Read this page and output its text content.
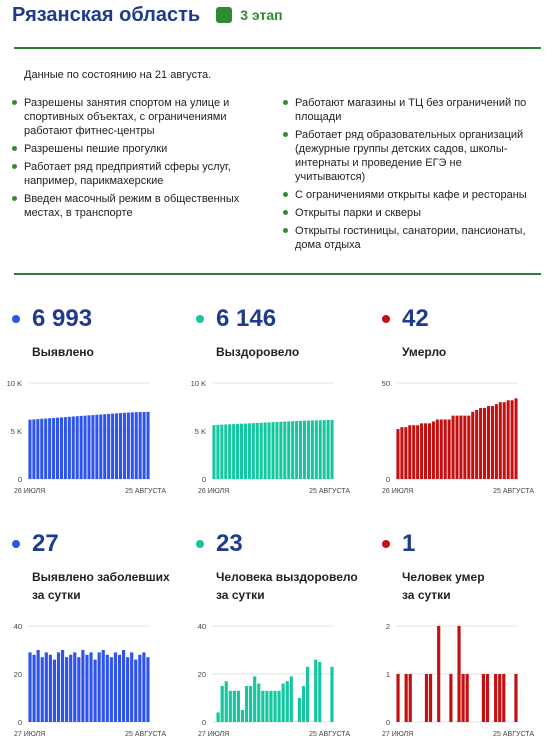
Рязанская область	3 этап
Данные по состоянию на 21 августа.
Разрешены занятия спортом на улице и спортивных объектах, с ограничениями работают фитнес-центры
Разрешены пешие прогулки
Работает ряд предприятий сферы услуг, например, парикмахерские
Введен масочный режим в общественных местах, в транспорте
Работают магазины и ТЦ без ограничений по площади
Работает ряд образовательных организаций (дежурные группы детских садов, школы-интернаты и проведение ЕГЭ не учитываются)
С ограничениями открыты кафе и рестораны
Открыты парки и скверы
Открыты гостиницы, санатории, пансионаты, дома отдыха
6 993
Выявлено
6 146
Выздоровело
42
Умерло
27
Выявлено заболевших
за сутки
23
Человека выздоровело
за сутки
1
Человек умер
за сутки
10 K
5 K
0
26 ИЮЛЯ	25 АВГУСТА
10 K
5 K
0
26 ИЮЛЯ	25 АВГУСТА
50
0
26 ИЮЛЯ	25 АВГУСТА
40
20
0
27 ИЮЛЯ	25 АВГУСТА
40
20
0
27 ИЮЛЯ	25 АВГУСТА
2
1
0
27 ИЮЛЯ	25 АВГУСТА
